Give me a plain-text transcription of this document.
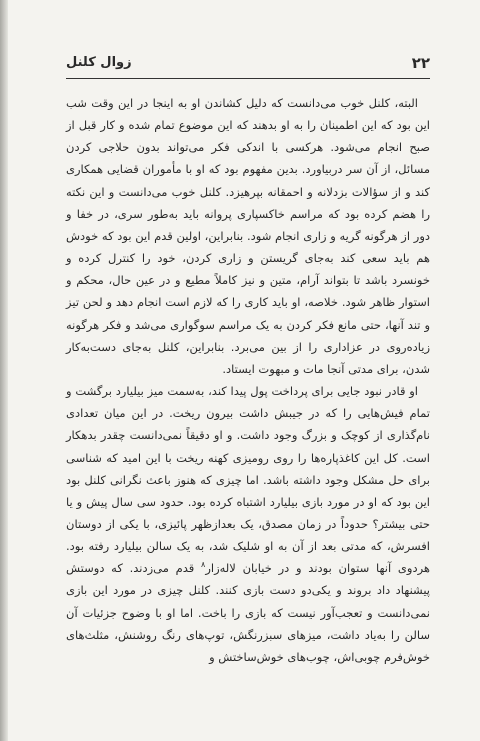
۲۲
زوال کلنل

البته، کلنل خوب می‌دانست که دلیل کشاندن او به اینجا در این وقت شب این بود که این اطمینان را به او بدهند که این موضوع تمام شده و کار قبل از صبح انجام می‌شود. هرکسی با اندکی فکر می‌تواند بدون حلاجی کردن مسائل، از آن سر دربیاورد. بدین مفهوم بود که او با مأموران قضایی همکاری کند و از سؤالات بزدلانه و احمقانه بپرهیزد. کلنل خوب می‌دانست و این نکته را هضم کرده بود که مراسم خاکسپاری پروانه باید به‌طور سری، در خفا و دور از هرگونه گریه و زاری انجام شود. بنابراین، اولین قدم این بود که خودش هم باید سعی کند به‌جای گریستن و زاری کردن، خود را کنترل کرده و خونسرد باشد تا بتواند آرام، متین و نیز کاملاً مطیع و در عین حال، محکم و استوار ظاهر شود. خلاصه، او باید کاری را که لازم است انجام دهد و لحن تیز و تند آنها، حتی مانع فکر کردن به یک مراسم سوگواری می‌شد و فکر هرگونه زیاده‌روی در عزاداری را از بین می‌برد. بنابراین، کلنل به‌جای دست‌به‌کار شدن، برای مدتی آنجا مات و مبهوت ایستاد.

او قادر نبود جایی برای پرداخت پول پیدا کند، به‌سمت میز بیلیارد برگشت و تمام فیش‌هایی را که در جیبش داشت بیرون ریخت. در این میان تعدادی نام‌گذاری از کوچک و بزرگ وجود داشت. و او دقیقاً نمی‌دانست چقدر بدهکار است. کل این کاغذپاره‌ها را روی رومیزی کهنه ریخت با این امید که شناسی برای حل مشکل وجود داشته باشد. اما چیزی که هنوز باعث نگرانی کلنل بود این بود که او در مورد بازی بیلیارد اشتباه کرده بود. حدود سی سال پیش و یا حتی بیشتر؟ حدوداً در زمان مصدق، یک بعدازظهر پائیزی، با یکی از دوستان افسرش، که مدتی بعد از آن به او شلیک شد، به یک سالن بیلیارد رفته بود. هردوی آنها ستوان بودند و در خیابان لاله‌زار$^۸$ قدم می‌زدند. که دوستش پیشنهاد داد بروند و یکی‌دو دست بازی کنند. کلنل چیزی در مورد این بازی نمی‌دانست و تعجب‌آور نیست که بازی را باخت. اما او با وضوح جزئیات آن سالن را به‌یاد داشت، میزهای سبزرنگش، توپ‌های رنگ روشنش، مثلث‌های خوش‌فرم چوبی‌اش، چوب‌های خوش‌ساختش و
